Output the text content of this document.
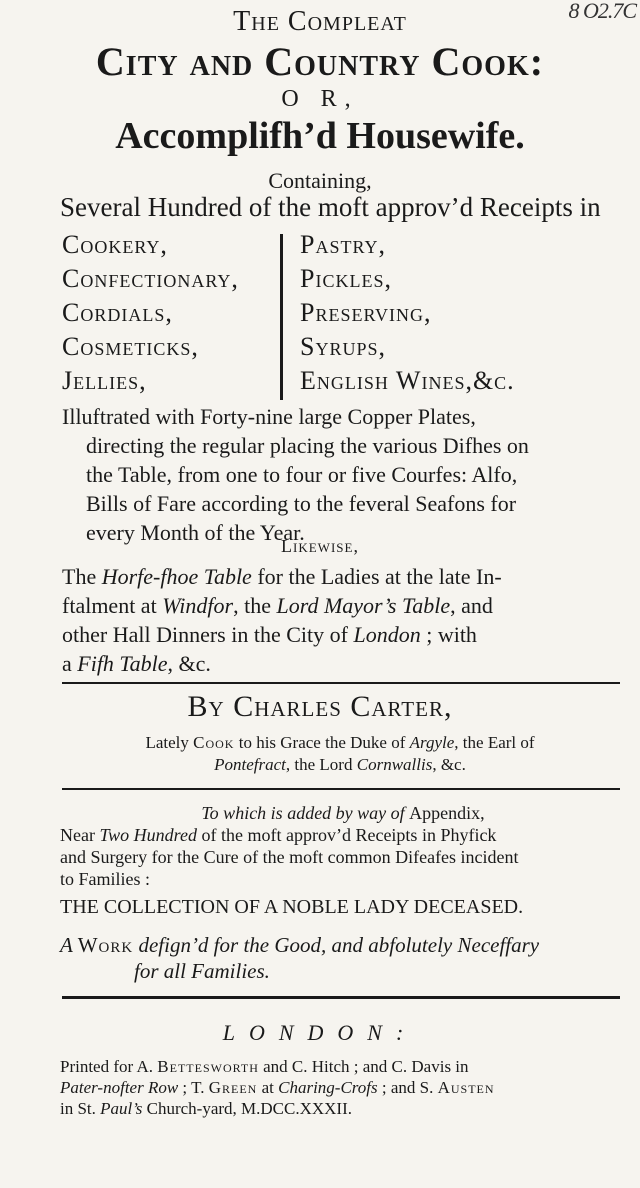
8 O2.7C
The Compleat
City and Country Cook:
O R,
Accomplifh’d Housewife.
Containing,
Several Hundred of the moft approv’d Receipts in
Cookery,
Confectionary,
Cordials,
Cosmeticks,
Jellies,
Pastry,
Pickles,
Preserving,
Syrups,
English Wines,&c.
Illuftrated with Forty-nine large Copper Plates,
directing the regular placing the various Difhes on
the Table, from one to four or five Courfes: Alfo,
Bills of Fare according to the feveral Seafons for
every Month of the Year.
Likewise,
The Horfe-fhoe Table for the Ladies at the late In-
ftalment at Windfor, the Lord Mayor’s Table, and
other Hall Dinners in the City of London ; with
a Fifh Table, &c.
By Charles Carter,
Lately Cook to his Grace the Duke of Argyle, the Earl of
Pontefract, the Lord Cornwallis, &c.
To which is added by way of Appendix,
Near Two Hundred of the moft approv’d Receipts in Phyfick
and Surgery for the Cure of the moft common Difeafes incident
to Families :
THE COLLECTION OF A NOBLE LADY DECEASED.
A Work defign’d for the Good, and abfolutely Neceffary
for all Families.
LONDON:
Printed for A. Bettesworth and C. Hitch ; and C. Davis in
Pater-nofter Row ; T. Green at Charing-Crofs ; and S. Austen
in St. Paul’s Church-yard, M.DCC.XXXII.
